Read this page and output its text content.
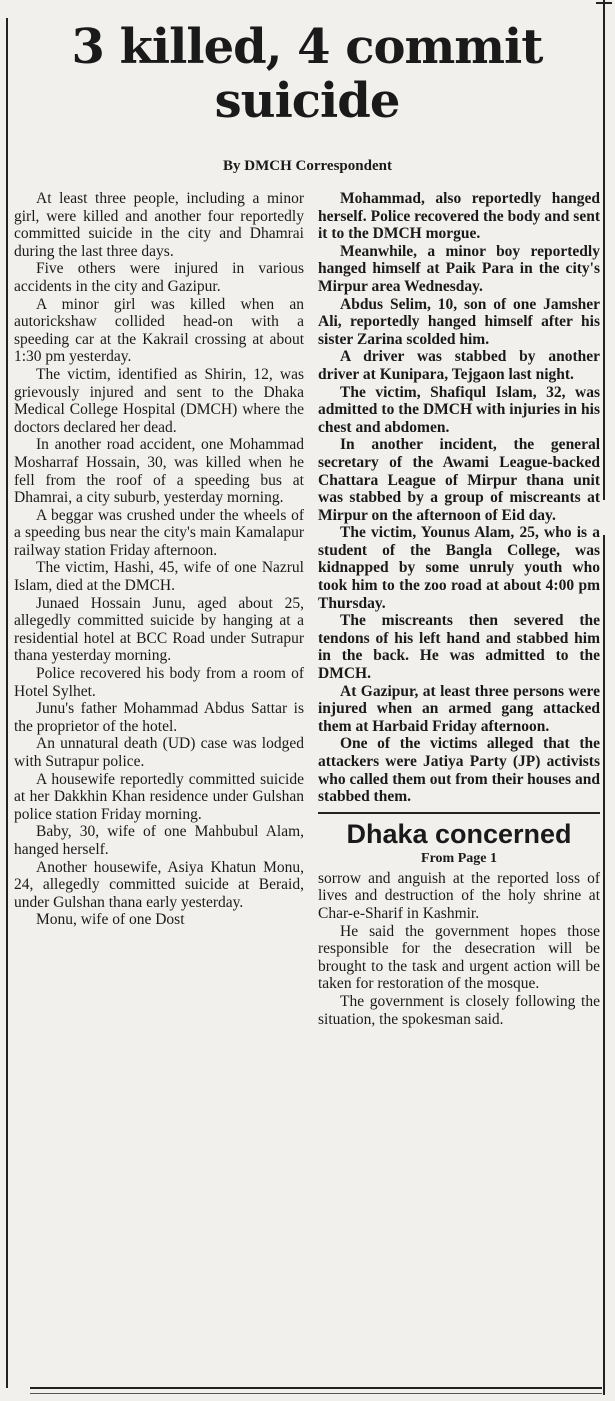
3 killed, 4 commit
suicide

By DMCH Correspondent

At least three people, including a minor girl, were killed and another four reportedly committed suicide in the city and Dhamrai during the last three days.

Five others were injured in various accidents in the city and Gazipur.

A minor girl was killed when an autorickshaw collided head-on with a speeding car at the Kakrail crossing at about 1:30 pm yesterday.

The victim, identified as Shirin, 12, was grievously injured and sent to the Dhaka Medical College Hospital (DMCH) where the doctors declared her dead.

In another road accident, one Mohammad Mosharraf Hossain, 30, was killed when he fell from the roof of a speeding bus at Dhamrai, a city suburb, yesterday morning.

A beggar was crushed under the wheels of a speeding bus near the city's main Kamalapur railway station Friday afternoon.

The victim, Hashi, 45, wife of one Nazrul Islam, died at the DMCH.

Junaed Hossain Junu, aged about 25, allegedly committed suicide by hanging at a residential hotel at BCC Road under Sutrapur thana yesterday morning.

Police recovered his body from a room of Hotel Sylhet.

Junu's father Mohammad Abdus Sattar is the proprietor of the hotel.

An unnatural death (UD) case was lodged with Sutrapur police.

A housewife reportedly committed suicide at her Dakkhin Khan residence under Gulshan police station Friday morning.

Baby, 30, wife of one Mahbubul Alam, hanged herself.

Another housewife, Asiya Khatun Monu, 24, allegedly committed suicide at Beraid, under Gulshan thana early yesterday.

Monu, wife of one Dost

Mohammad, also reportedly hanged herself. Police recovered the body and sent it to the DMCH morgue.

Meanwhile, a minor boy reportedly hanged himself at Paik Para in the city's Mirpur area Wednesday.

Abdus Selim, 10, son of one Jamsher Ali, reportedly hanged himself after his sister Zarina scolded him.

A driver was stabbed by another driver at Kunipara, Tejgaon last night.

The victim, Shafiqul Islam, 32, was admitted to the DMCH with injuries in his chest and abdomen.

In another incident, the general secretary of the Awami League-backed Chattara League of Mirpur thana unit was stabbed by a group of miscreants at Mirpur on the afternoon of Eid day.

The victim, Younus Alam, 25, who is a student of the Bangla College, was kidnapped by some unruly youth who took him to the zoo road at about 4:00 pm Thursday.

The miscreants then severed the tendons of his left hand and stabbed him in the back. He was admitted to the DMCH.

At Gazipur, at least three persons were injured when an armed gang attacked them at Harbaid Friday afternoon.

One of the victims alleged that the attackers were Jatiya Party (JP) activists who called them out from their houses and stabbed them.

Dhaka concerned

From Page 1

sorrow and anguish at the reported loss of lives and destruction of the holy shrine at Char-e-Sharif in Kashmir.

He said the government hopes those responsible for the desecration will be brought to the task and urgent action will be taken for restoration of the mosque.

The government is closely following the situation, the spokesman said.
